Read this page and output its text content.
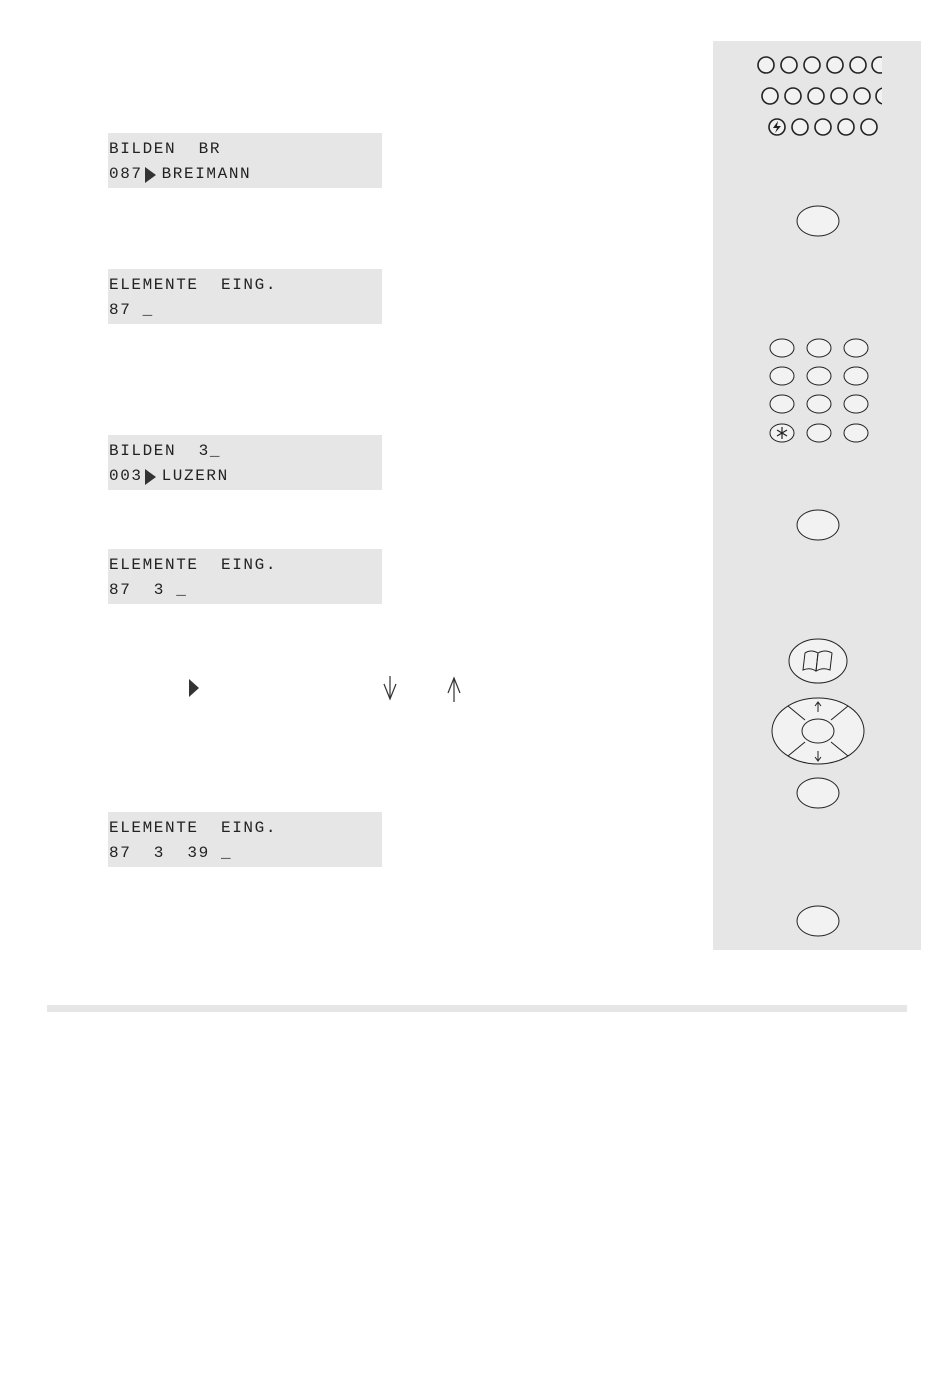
BILDEN  BR
087 BREIMANN
ELEMENTE  EING.
87 _
BILDEN  3_
003 LUZERN
ELEMENTE  EING.
87  3 _
ELEMENTE  EING.
87  3  39 _
